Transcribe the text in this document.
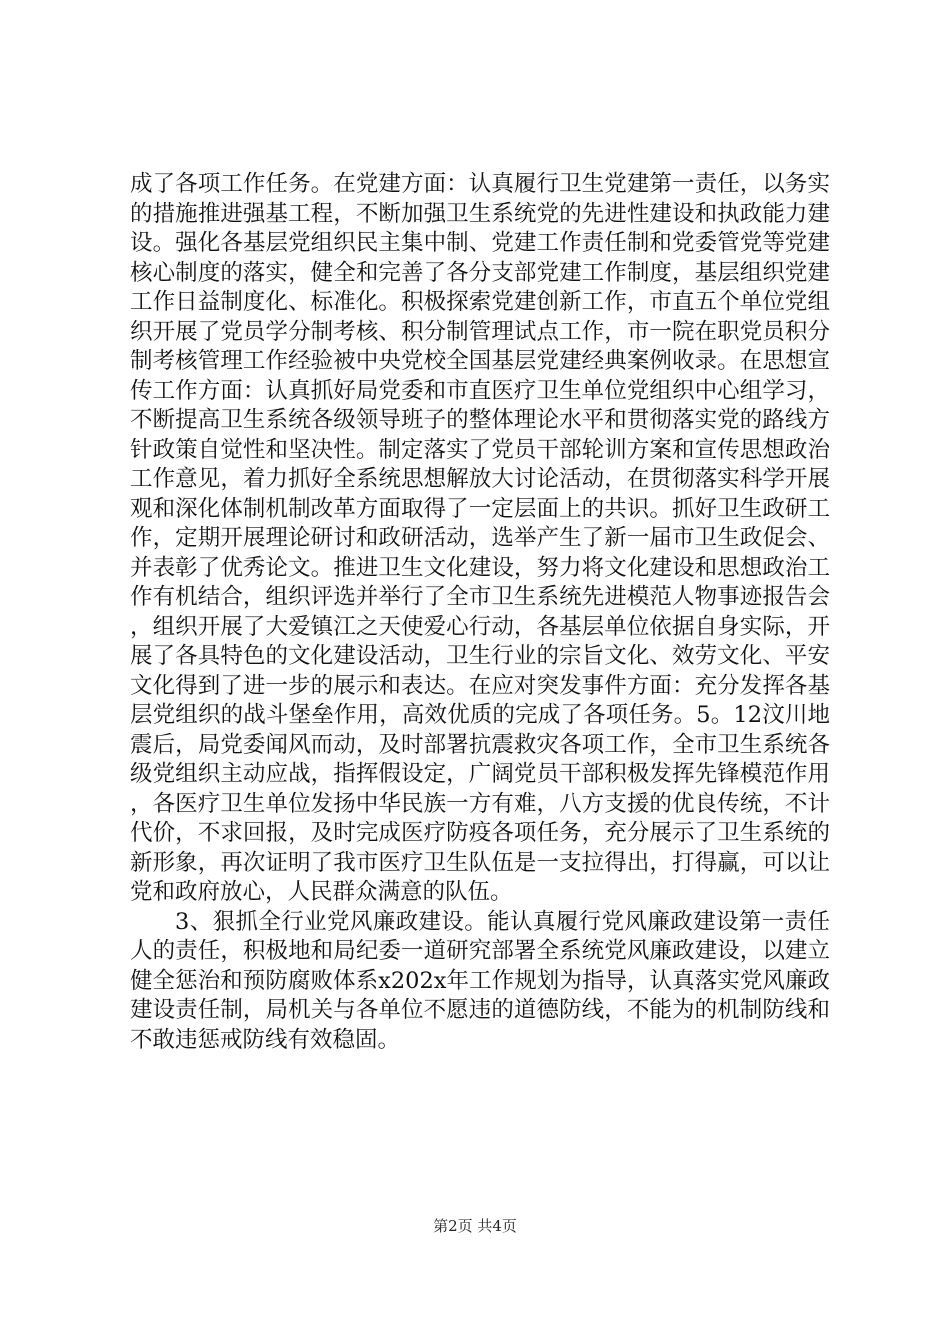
成了各项工作任务。在党建方面：认真履行卫生党建第一责任，以务实的措施推进强基工程，不断加强卫生系统党的先进性建设和执政能力建设。强化各基层党组织民主集中制、党建工作责任制和党委管党等党建核心制度的落实，健全和完善了各分支部党建工作制度，基层组织党建工作日益制度化、标准化。积极探索党建创新工作，市直五个单位党组织开展了党员学分制考核、积分制管理试点工作，市一院在职党员积分制考核管理工作经验被中央党校全国基层党建经典案例收录。在思想宣传工作方面：认真抓好局党委和市直医疗卫生单位党组织中心组学习，不断提高卫生系统各级领导班子的整体理论水平和贯彻落实党的路线方针政策自觉性和坚决性。制定落实了党员干部轮训方案和宣传思想政治工作意见，着力抓好全系统思想解放大讨论活动，在贯彻落实科学开展观和深化体制机制改革方面取得了一定层面上的共识。抓好卫生政研工作，定期开展理论研讨和政研活动，选举产生了新一届市卫生政促会、并表彰了优秀论文。推进卫生文化建设，努力将文化建设和思想政治工作有机结合，组织评选并举行了全市卫生系统先进模范人物事迹报告会，组织开展了大爱镇江之天使爱心行动，各基层单位依据自身实际，开展了各具特色的文化建设活动，卫生行业的宗旨文化、效劳文化、平安文化得到了进一步的展示和表达。在应对突发事件方面：充分发挥各基层党组织的战斗堡垒作用，高效优质的完成了各项任务。5。12汶川地震后，局党委闻风而动，及时部署抗震救灾各项工作，全市卫生系统各级党组织主动应战，指挥假设定，广阔党员干部积极发挥先锋模范作用，各医疗卫生单位发扬中华民族一方有难，八方支援的优良传统，不计代价，不求回报，及时完成医疗防疫各项任务，充分展示了卫生系统的新形象，再次证明了我市医疗卫生队伍是一支拉得出，打得赢，可以让党和政府放心，人民群众满意的队伍。

3、狠抓全行业党风廉政建设。能认真履行党风廉政建设第一责任人的责任，积极地和局纪委一道研究部署全系统党风廉政建设，以建立健全惩治和预防腐败体系x202x年工作规划为指导，认真落实党风廉政建设责任制，局机关与各单位不愿违的道德防线，不能为的机制防线和不敢违惩戒防线有效稳固。

第2页 共4页
